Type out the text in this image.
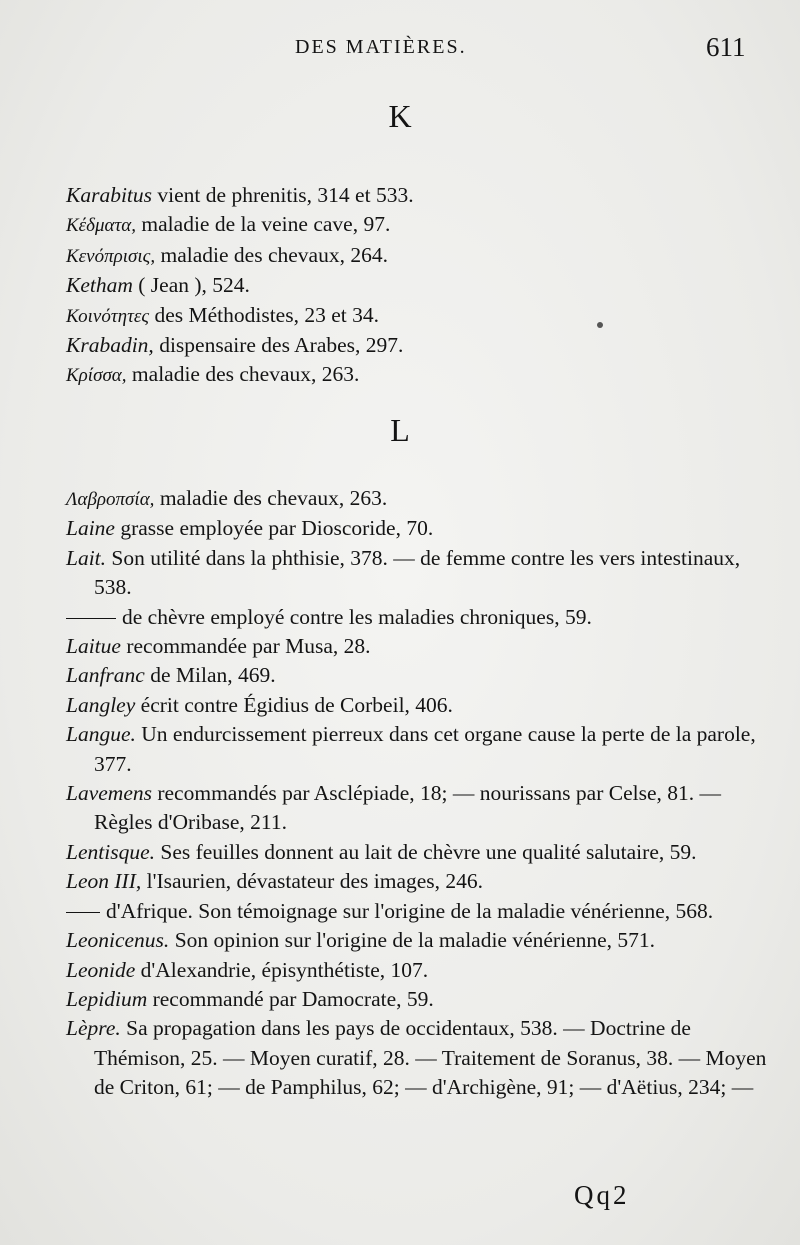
DES MATIÈRES.	611
K
Karabitus vient de phrenitis, 314 et 533.
Κέδματα, maladie de la veine cave, 97.
Κενόπρισις, maladie des chevaux, 264.
Ketham ( Jean ), 524.
Κοινότητες des Méthodistes, 23 et 34.
Krabadin, dispensaire des Arabes, 297.
Κρίσσα, maladie des chevaux, 263.
L
Λαβροπσία, maladie des chevaux, 263.
Laine grasse employée par Dioscoride, 70.
Lait. Son utilité dans la phthisie, 378. — de femme contre les vers intestinaux, 538.
de chèvre employé contre les maladies chroniques, 59.
Laitue recommandée par Musa, 28.
Lanfranc de Milan, 469.
Langley écrit contre Égidius de Corbeil, 406.
Langue. Un endurcissement pierreux dans cet organe cause la perte de la parole, 377.
Lavemens recommandés par Asclépiade, 18; — nourissans par Celse, 81. — Règles d'Oribase, 211.
Lentisque. Ses feuilles donnent au lait de chèvre une qualité salutaire, 59.
Leon III, l'Isaurien, dévastateur des images, 246.
d'Afrique. Son témoignage sur l'origine de la maladie vénérienne, 568.
Leonicenus. Son opinion sur l'origine de la maladie vénérienne, 571.
Leonide d'Alexandrie, épisynthétiste, 107.
Lepidium recommandé par Damocrate, 59.
Lèpre. Sa propagation dans les pays de occidentaux, 538. — Doctrine de Thémison, 25. — Moyen curatif, 28. — Traitement de Soranus, 38. — Moyen de Criton, 61; — de Pamphilus, 62; — d'Archigène, 91; — d'Aëtius, 234; —
Qq2
